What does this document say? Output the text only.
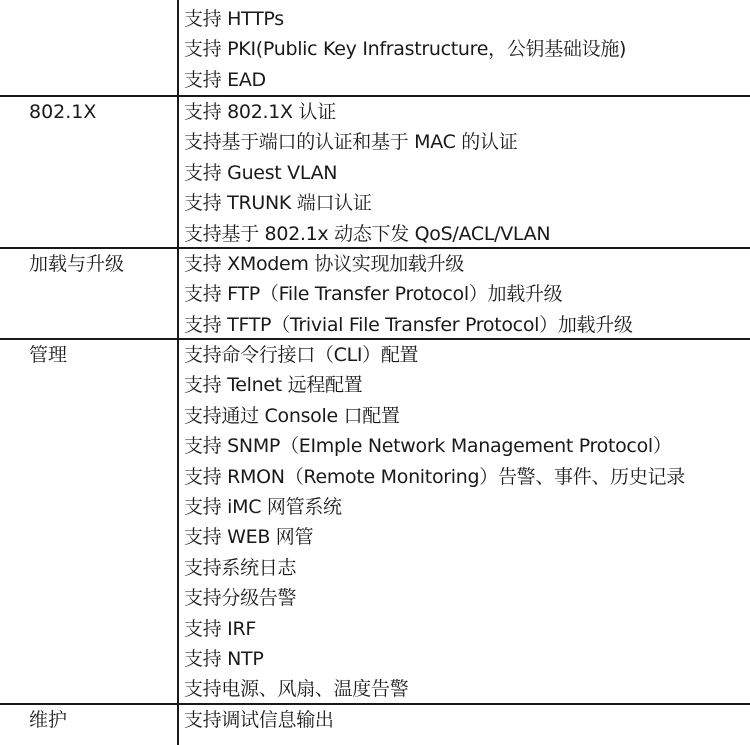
支持 HTTPs
支持 PKI(Public Key Infrastructure，公钥基础设施)
支持 EAD
802.1X	支持 802.1X 认证
支持基于端口的认证和基于 MAC 的认证
支持 Guest VLAN
支持 TRUNK 端口认证
支持基于 802.1x 动态下发 QoS/ACL/VLAN
加载与升级	支持 XModem 协议实现加载升级
支持 FTP（File Transfer Protocol）加载升级
支持 TFTP（Trivial File Transfer Protocol）加载升级
管理	支持命令行接口（CLI）配置
支持 Telnet 远程配置
支持通过 Console 口配置
支持 SNMP（EImple Network Management Protocol）
支持 RMON（Remote Monitoring）告警、事件、历史记录
支持 iMC 网管系统
支持 WEB 网管
支持系统日志
支持分级告警
支持 IRF
支持 NTP
支持电源、风扇、温度告警
维护	支持调试信息输出
